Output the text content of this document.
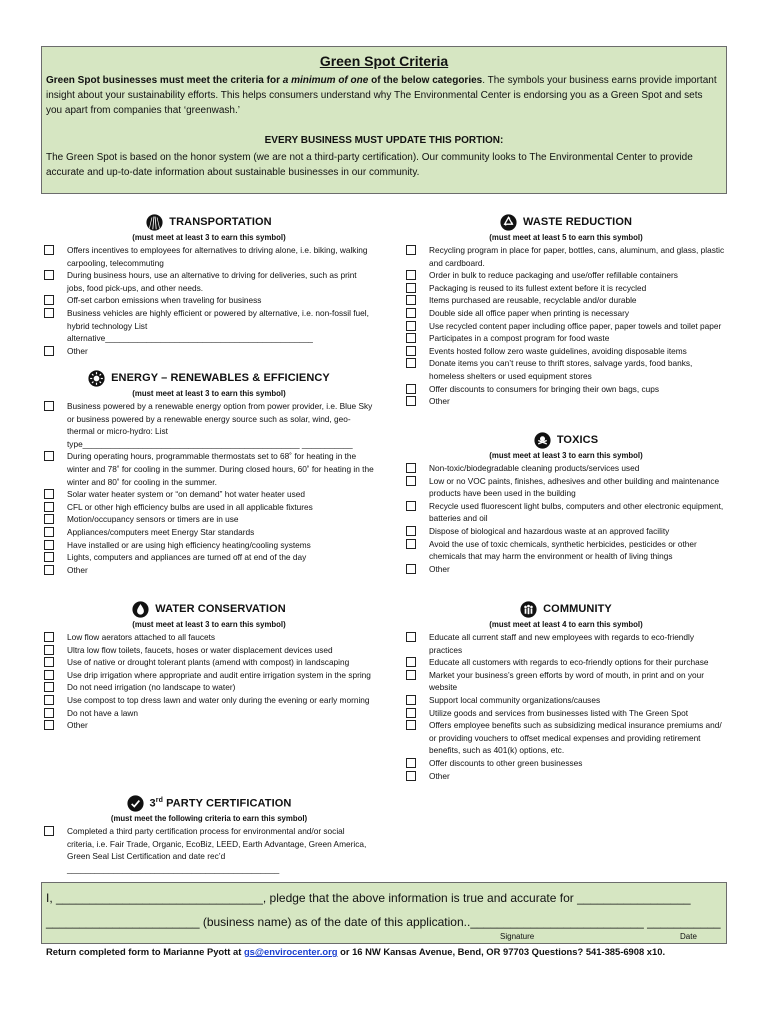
Green Spot Criteria
Green Spot businesses must meet the criteria for a minimum of one of the below categories. The symbols your business earns provide important insight about your sustainability efforts. This helps consumers understand why The Environmental Center is endorsing you as a Green Spot and sets you apart from companies that ‘greenwash.’
EVERY BUSINESS MUST UPDATE THIS PORTION:
The Green Spot is based on the honor system (we are not a third-party certification). Our community looks to The Environmental Center to provide accurate and up-to-date information about sustainable businesses in our community.
TRANSPORTATION
(must meet at least 3 to earn this symbol)
Offers incentives to employees for alternatives to driving alone, i.e. biking, walking carpooling, telecommuting
During business hours, use an alternative to driving for deliveries, such as print jobs, food pick-ups, and other needs.
Off-set carbon emissions when traveling for business
Business vehicles are highly efficient or powered by alternative, i.e. non-fossil fuel, hybrid technology List alternative_____________________________________________
Other
ENERGY – RENEWABLES & EFFICIENCY
(must meet at least 3 to earn this symbol)
Business powered by a renewable energy option from power provider, i.e. Blue Sky or business powered by a renewable energy source such as solar, wind, geo-thermal or micro-hydro: List type_______________________________________________ ___________
During operating hours, programmable thermostats set to 68˚ for heating in the winter and 78˚ for cooling in the summer. During closed hours, 60˚ for heating in the winter and 80˚ for cooling in the summer.
Solar water heater system or “on demand” hot water heater used
CFL or other high efficiency bulbs are used in all applicable fixtures
Motion/occupancy sensors or timers are in use
Appliances/computers meet Energy Star standards
Have installed or are using high efficiency heating/cooling systems
Lights, computers and appliances are turned off at end of the day
Other
WATER CONSERVATION
(must meet at least 3 to earn this symbol)
Low flow aerators attached to all faucets
Ultra low flow toilets, faucets, hoses or water displacement devices used
Use of native or drought tolerant plants (amend with compost) in landscaping
Use drip irrigation where appropriate and audit entire irrigation system in the spring
Do not need irrigation (no landscape to water)
Use compost to top dress lawn and water only during the evening or early morning
Do not have a lawn
Other
3rd PARTY CERTIFICATION
(must meet the following criteria to earn this symbol)
Completed a third party certification process for environmental and/or social criteria, i.e. Fair Trade, Organic, EcoBiz, LEED, Earth Advantage, Green America, Green Seal List Certification and date rec’d ______________________________________________
WASTE REDUCTION
(must meet at least 5 to earn this symbol)
Recycling program in place for paper, bottles, cans, aluminum, and glass, plastic and cardboard.
Order in bulk to reduce packaging and use/offer refillable containers
Packaging is reused to its fullest extent before it is recycled
Items purchased are reusable, recyclable and/or durable
Double side all office paper when printing is necessary
Use recycled content paper including office paper, paper towels and toilet paper
Participates in a compost program for food waste
Events hosted follow zero waste guidelines, avoiding disposable items
Donate items you can’t reuse to thrift stores, salvage yards, food banks, homeless shelters or used equipment stores
Offer discounts to consumers for bringing their own bags, cups
Other
TOXICS
(must meet at least 3 to earn this symbol)
Non-toxic/biodegradable cleaning products/services used
Low or no VOC paints, finishes, adhesives and other building and maintenance products have been used in the building
Recycle used fluorescent light bulbs, computers and other electronic equipment, batteries and oil
Dispose of biological and hazardous waste at an approved facility
Avoid the use of toxic chemicals, synthetic herbicides, pesticides or other chemicals that may harm the environment or health of living things
Other
COMMUNITY
(must meet at least 4 to earn this symbol)
Educate all current staff and new employees with regards to eco-friendly practices
Educate all customers with regards to eco-friendly options for their purchase
Market your business’s green efforts by word of mouth, in print and on your website
Support local community organizations/causes
Utilize goods and services from businesses listed with The Green Spot
Offers employee benefits such as subsidizing medical insurance premiums and/ or providing vouchers to offset medical expenses and providing retirement benefits, such as 401(k) options, etc.
Offer discounts to other green businesses
Other
I, _______________________________, pledge that the above information is true and accurate for _________________
_______________________ (business name) as of the date of this application..__________________________ ___________
Signature	Date
Return completed form to Marianne Pyott at gs@envirocenter.org or 16 NW Kansas Avenue, Bend, OR 97703 Questions? 541-385-6908 x10.
